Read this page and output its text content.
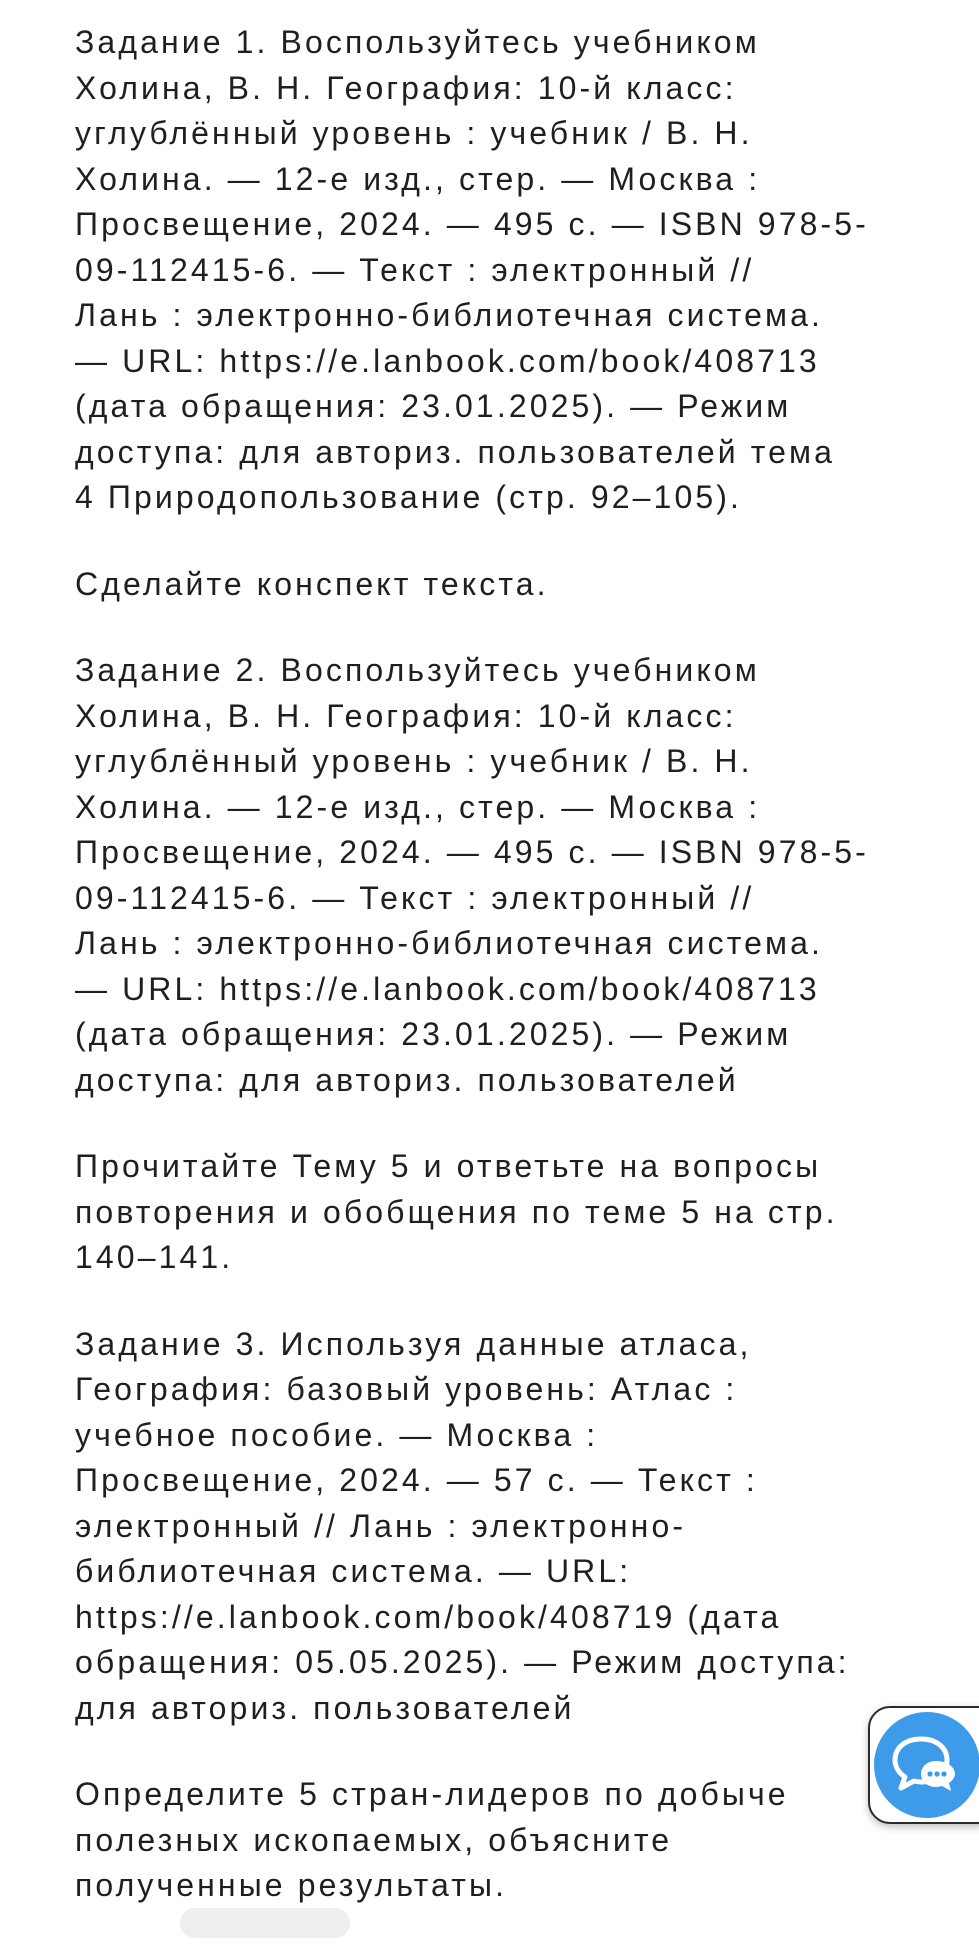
Задание 1. Воспользуйтесь учебником
Холина, В. Н. География: 10-й класс:
углублённый уровень : учебник / В. Н.
Холина. — 12-е изд., стер. — Москва :
Просвещение, 2024. — 495 с. — ISBN 978-5-
09-112415-6. — Текст : электронный //
Лань : электронно-библиотечная система.
— URL: https://e.lanbook.com/book/408713
(дата обращения: 23.01.2025). — Режим
доступа: для авториз. пользователей тема
4 Природопользование (стр. 92–105).

Сделайте конспект текста.

Задание 2. Воспользуйтесь учебником
Холина, В. Н. География: 10-й класс:
углублённый уровень : учебник / В. Н.
Холина. — 12-е изд., стер. — Москва :
Просвещение, 2024. — 495 с. — ISBN 978-5-
09-112415-6. — Текст : электронный //
Лань : электронно-библиотечная система.
— URL: https://e.lanbook.com/book/408713
(дата обращения: 23.01.2025). — Режим
доступа: для авториз. пользователей

Прочитайте Тему 5 и ответьте на вопросы
повторения и обобщения по теме 5 на стр.
140–141.

Задание 3. Используя данные атласа,
География: базовый уровень: Атлас :
учебное пособие. — Москва :
Просвещение, 2024. — 57 с. — Текст :
электронный // Лань : электронно-
библиотечная система. — URL:
https://e.lanbook.com/book/408719 (дата
обращения: 05.05.2025). — Режим доступа:
для авториз. пользователей

Определите 5 стран-лидеров по добыче
полезных ископаемых, объясните
полученные результаты.
